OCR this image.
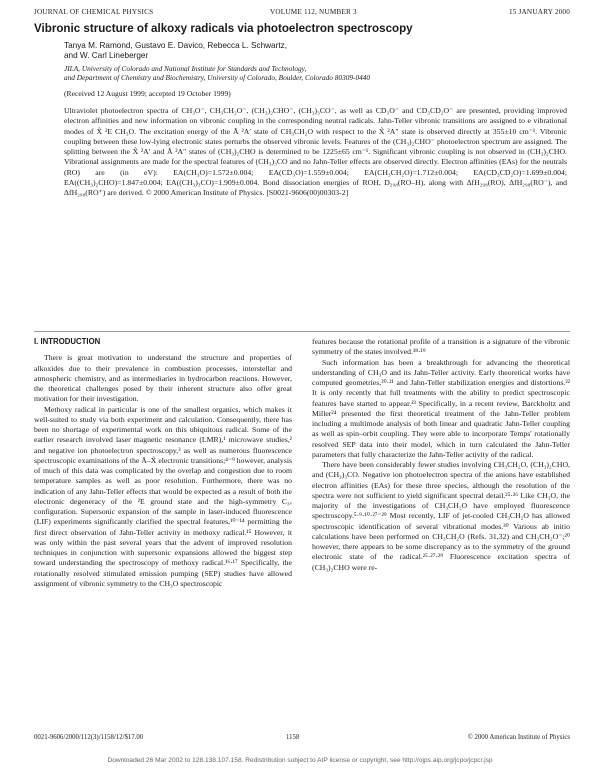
JOURNAL OF CHEMICAL PHYSICS	VOLUME 112, NUMBER 3	15 JANUARY 2000
Vibronic structure of alkoxy radicals via photoelectron spectroscopy
Tanya M. Ramond, Gustavo E. Davico, Rebecca L. Schwartz,
and W. Carl Lineberger
JILA, University of Colorado and National Institute for Standards and Technology,
and Department of Chemistry and Biochemistry, University of Colorado, Boulder, Colorado 80309-0440
(Received 12 August 1999; accepted 19 October 1999)

Ultraviolet photoelectron spectra of CH₃O⁻, CH₃CH₂O⁻, (CH₃)₂CHO⁻, (CH₃)₃CO⁻, as well as CD₃O⁻ and CD₃CD₂O⁻ are presented, providing improved electron affinities and new information on vibronic coupling in the corresponding neutral radicals. Jahn-Teller vibronic transitions are assigned to e vibrational modes of X̃ ²E CH₃O. The excitation energy of the Ã ²A′ state of CH₃CH₂O with respect to the X̃ ²A″ state is observed directly at 355±10 cm⁻¹. Vibronic coupling between these low-lying electronic states perturbs the observed vibronic levels. Features of the (CH₃)₂CHO⁻ photoelectron spectrum are assigned. The splitting between the X̃ ²A′ and Ã ²A″ states of (CH₃)₂CHO is determined to be 1225±65 cm⁻¹. Significant vibronic coupling is not observed in (CH₃)₂CHO. Vibrational assignments are made for the spectral features of (CH₃)₃CO and no Jahn-Teller effects are observed directly. Electron affinities (EAs) for the neutrals (RO) are (in eV): EA(CH₃O)=1.572±0.004; EA(CD₃O)=1.559±0.004; EA(CH₃CH₂O)=1.712±0.004; EA(CD₃CD₂O)=1.699±0.004; EA((CH₃)₂CHO)=1.847±0.004; EA((CH₃)₃CO)=1.909±0.004. Bond dissociation energies of ROH, D₂₉₈(RO–H), along with ΔfH₂₉₈(RO), ΔfH₂₉₈(RO⁻), and ΔfH₂₉₈(RO⁺) are derived. © 2000 American Institute of Physics. [S0021-9606(00)00303-2]

I. INTRODUCTION

There is great motivation to understand the structure and properties of alkoxides due to their prevalence in combustion processes, interstellar and atmospheric chemistry, and as intermediaries in hydrocarbon reactions. However, the theoretical challenges posed by their inherent structure also offer great motivation for their investigation.

Methoxy radical in particular is one of the smallest organics, which makes it well-suited to study via both experiment and calculation. Consequently, there has been no shortage of experimental work on this ubiquitous radical. Some of the earlier research involved laser magnetic resonance (LMR),¹ microwave studies,² and negative ion photoelectron spectroscopy,³ as well as numerous fluorescence spectroscopic examinations of the Ã–X̃ electronic transitions;⁴⁻⁹ however, analysis of much of this data was complicated by the overlap and congestion due to room temperature samples as well as poor resolution. Furthermore, there was no indication of any Jahn-Teller effects that would be expected as a result of both the electronic degeneracy of the ²E ground state and the high-symmetry C₃ᵥ configuration. Supersonic expansion of the sample in laser-induced fluorescence (LIF) experiments significantly clarified the spectral features,¹⁰⁻¹⁴ permitting the first direct observation of Jahn-Teller activity in methoxy radical.¹⁵ However, it was only within the past several years that the advent of improved resolution techniques in conjunction with supersonic expansions allowed the biggest step toward understanding the spectroscopy of methoxy radical.¹⁶·¹⁷ Specifically, the rotationally resolved stimulated emission pumping (SEP) studies have allowed assignment of vibronic symmetry to the CH₃O spectroscopic

features because the rotational profile of a transition is a signature of the vibronic symmetry of the states involved.¹⁸·¹⁹

Such information has been a breakthrough for advancing the theoretical understanding of CH₃O and its Jahn-Teller activity. Early theoretical works have computed geometries,²⁰·²¹ and Jahn-Teller stabilization energies and distortions.²² It is only recently that full treatments with the ability to predict spectroscopic features have started to appear.²³ Specifically, in a recent review, Barckholtz and Miller²⁴ presented the first theoretical treatment of the Jahn-Teller problem including a multimode analysis of both linear and quadratic Jahn-Teller coupling as well as spin–orbit coupling. They were able to incorporate Temps' rotationally resolved SEP data into their model, which in turn calculated the Jahn-Teller parameters that fully characterize the Jahn-Teller activity of the radical.

There have been considerably fewer studies involving CH₃CH₂O, (CH₃)₂CHO, and (CH₃)₃CO. Negative ion photoelectron spectra of the anions have established electron affinities (EAs) for these three species, although the resolution of the spectra were not sufficient to yield significant spectral detail.²⁵·²⁶ Like CH₃O, the majority of the investigations of CH₃CH₂O have employed fluorescence spectroscopy.⁵·⁹·¹⁰·²⁷⁻²⁹ Most recently, LIF of jet-cooled CH₃CH₂O has allowed spectroscopic identification of several vibrational modes.³⁰ Various ab initio calculations have been performed on CH₃CH₂O (Refs. 31,32) and CH₃CH₂O⁻;²⁰ however, there appears to be some discrepancy as to the symmetry of the ground electronic state of the radical.²⁵·²⁷·²⁹ Fluorescence excitation spectra of (CH₃)₂CHO were re-

0021-9606/2000/112(3)/1158/12/$17.00	1158	© 2000 American Institute of Physics
Downloaded 26 Mar 2002 to 128.138.107.158. Redistribution subject to AIP license or copyright, see http://ojps.aip.org/jcpo/jcpcr.jsp
